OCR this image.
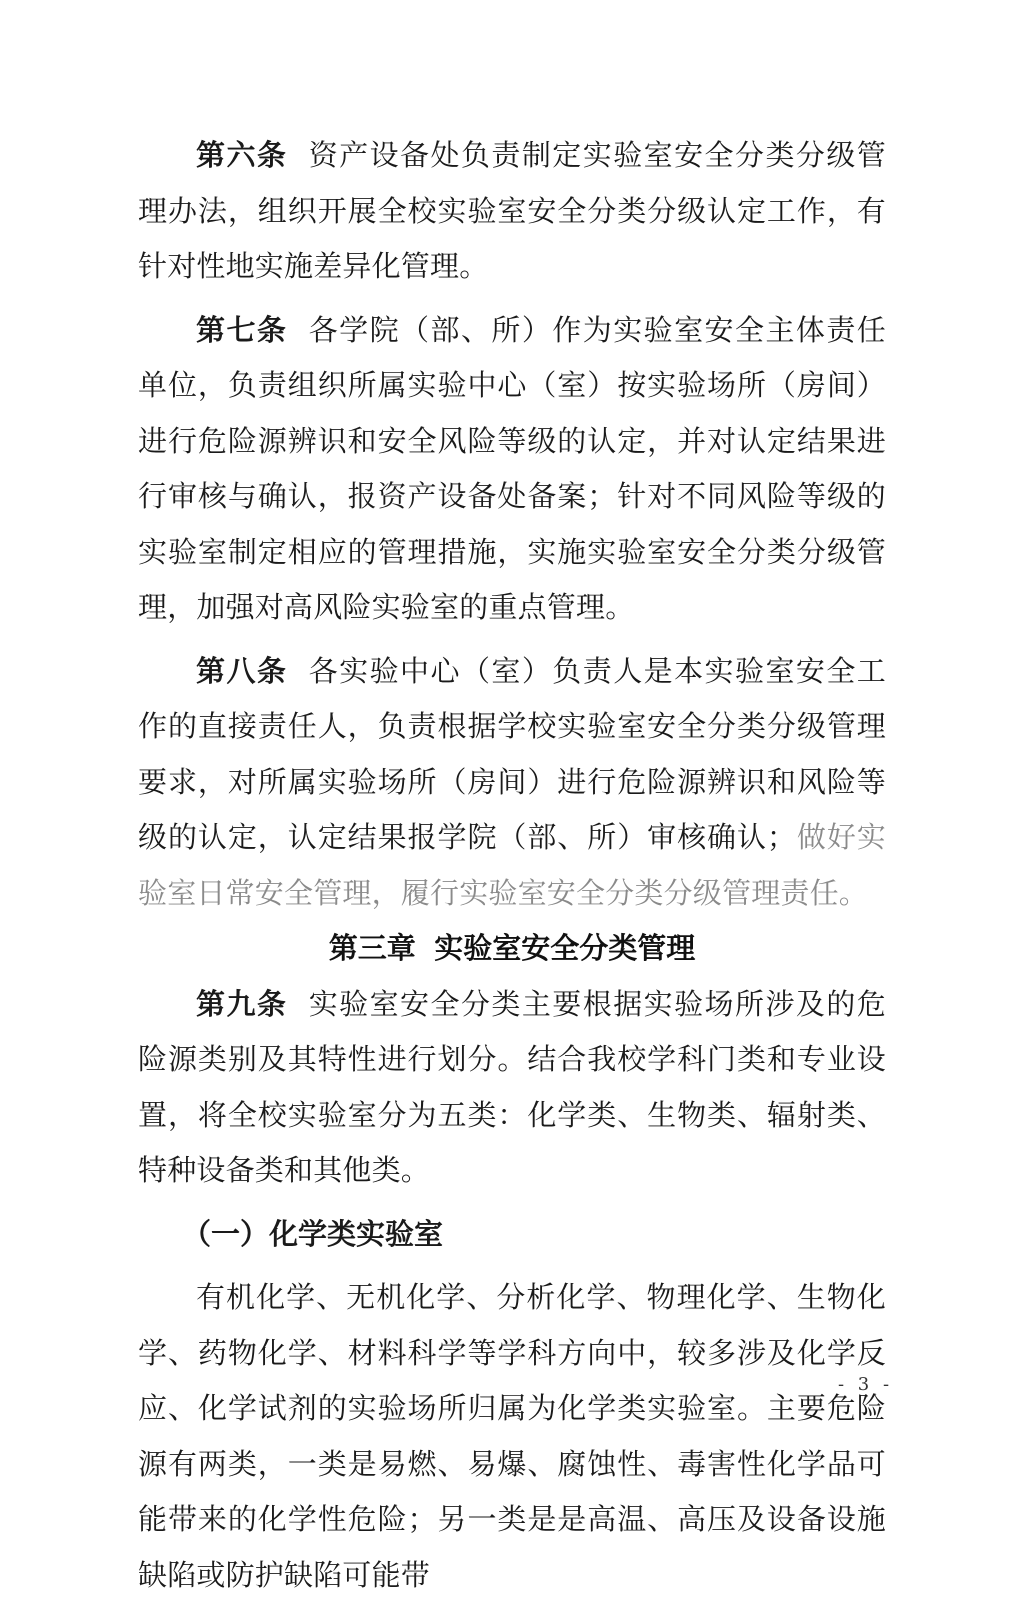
第六条 资产设备处负责制定实验室安全分类分级管理办法，组织开展全校实验室安全分类分级认定工作，有针对性地实施差异化管理。

第七条 各学院（部、所）作为实验室安全主体责任单位，负责组织所属实验中心（室）按实验场所（房间）进行危险源辨识和安全风险等级的认定，并对认定结果进行审核与确认，报资产设备处备案；针对不同风险等级的实验室制定相应的管理措施，实施实验室安全分类分级管理，加强对高风险实验室的重点管理。

第八条 各实验中心（室）负责人是本实验室安全工作的直接责任人，负责根据学校实验室安全分类分级管理要求，对所属实验场所（房间）进行危险源辨识和风险等级的认定，认定结果报学院（部、所）审核确认；做好实验室日常安全管理，履行实验室安全分类分级管理责任。

第三章 实验室安全分类管理

第九条 实验室安全分类主要根据实验场所涉及的危险源类别及其特性进行划分。结合我校学科门类和专业设置，将全校实验室分为五类：化学类、生物类、辐射类、特种设备类和其他类。

（一）化学类实验室

有机化学、无机化学、分析化学、物理化学、生物化学、药物化学、材料科学等学科方向中，较多涉及化学反应、化学试剂的实验场所归属为化学类实验室。主要危险源有两类，一类是易燃、易爆、腐蚀性、毒害性化学品可能带来的化学性危险；另一类是是高温、高压及设备设施缺陷或防护缺陷可能带

- 3 -
